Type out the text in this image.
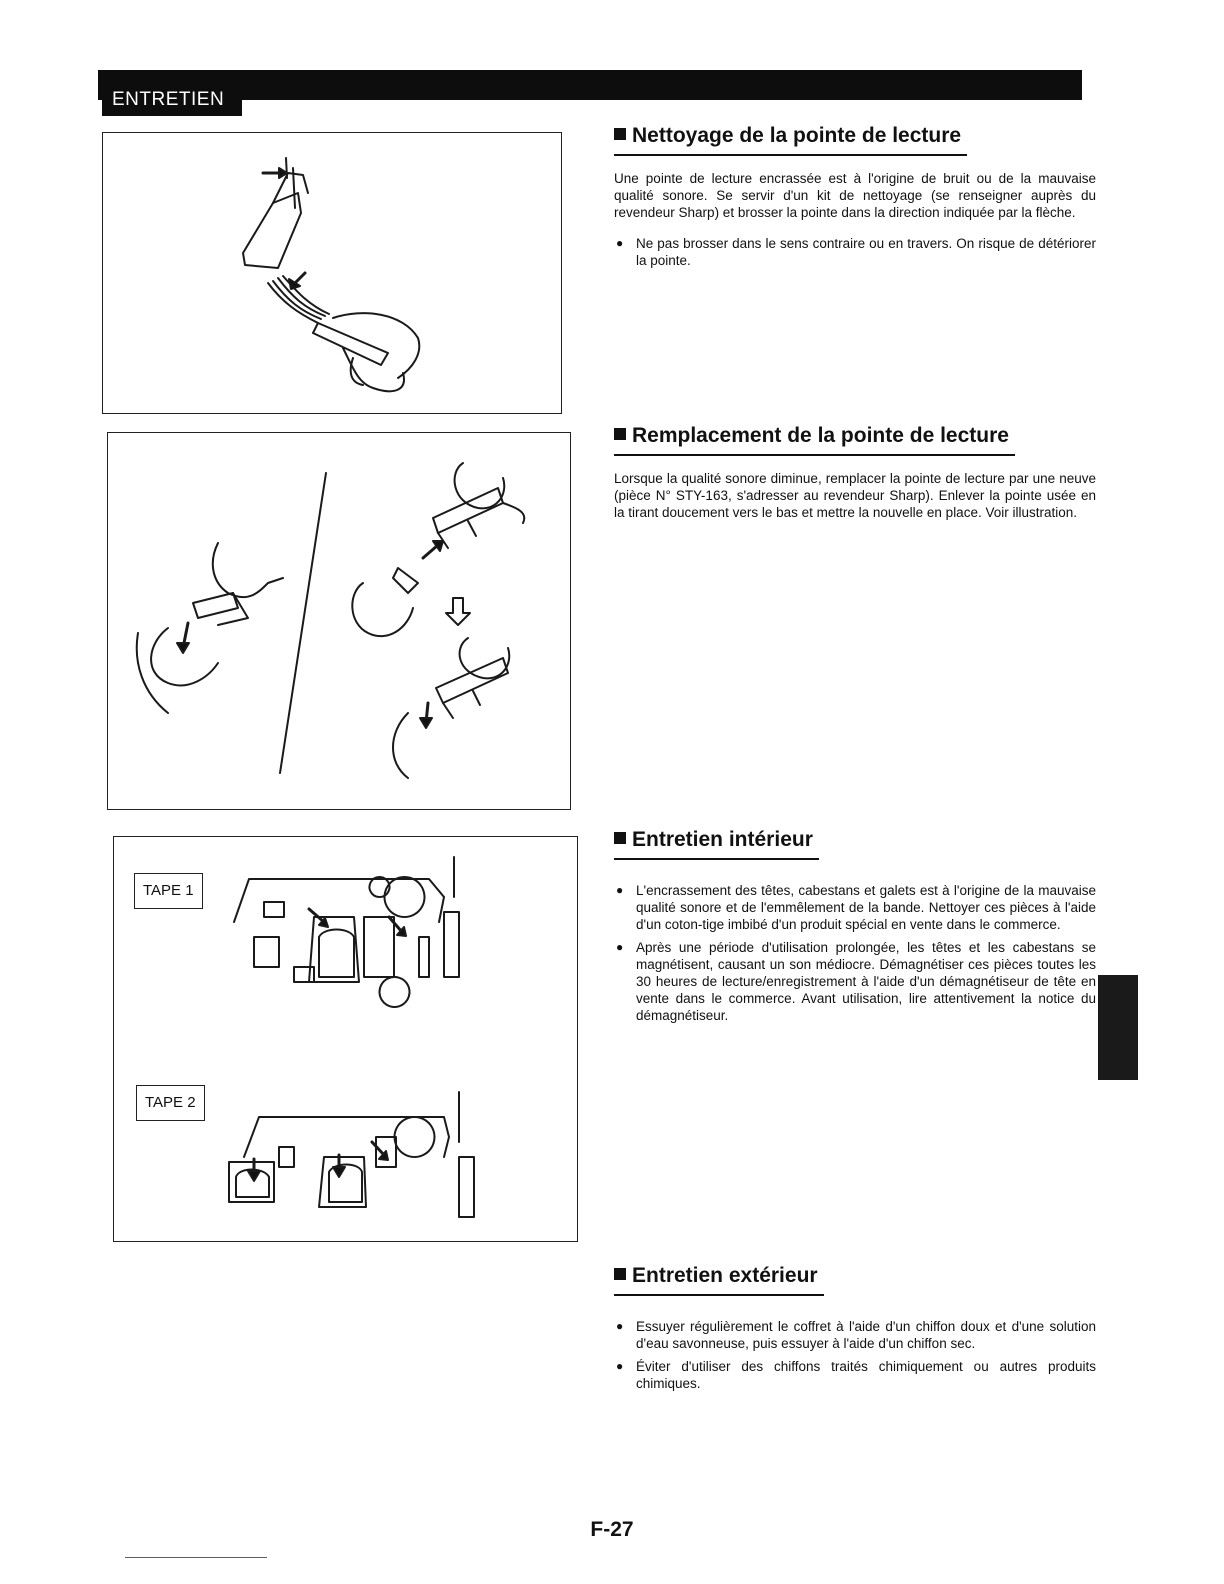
ENTRETIEN
TAPE 1
TAPE 2
Nettoyage de la pointe de lecture

Une pointe de lecture encrassée est à l'origine de bruit ou de la mauvaise qualité sonore. Se servir d'un kit de nettoyage (se renseigner auprès du revendeur Sharp) et brosser la pointe dans la direction indiquée par la flèche.

● Ne pas brosser dans le sens contraire ou en travers. On risque de détériorer la pointe.
Remplacement de la pointe de lecture

Lorsque la qualité sonore diminue, remplacer la pointe de lecture par une neuve (pièce N° STY-163, s'adresser au revendeur Sharp). Enlever la pointe usée en la tirant doucement vers le bas et mettre la nouvelle en place. Voir illustration.

Entretien intérieur
● L'encrassement des têtes, cabestans et galets est à l'origine de la mauvaise qualité sonore et de l'emmêlement de la bande. Nettoyer ces pièces à l'aide d'un coton-tige imbibé d'un produit spécial en vente dans le commerce.
● Après une période d'utilisation prolongée, les têtes et les cabestans se magnétisent, causant un son médiocre. Démagnétiser ces pièces toutes les 30 heures de lecture/enregistrement à l'aide d'un démagnétiseur de tête en vente dans le commerce. Avant utilisation, lire attentivement la notice du démagnétiseur.
Entretien extérieur
● Essuyer régulièrement le coffret à l'aide d'un chiffon doux et d'une solution d'eau savonneuse, puis essuyer à l'aide d'un chiffon sec.
● Éviter d'utiliser des chiffons traités chimiquement ou autres produits chimiques.
F-27
